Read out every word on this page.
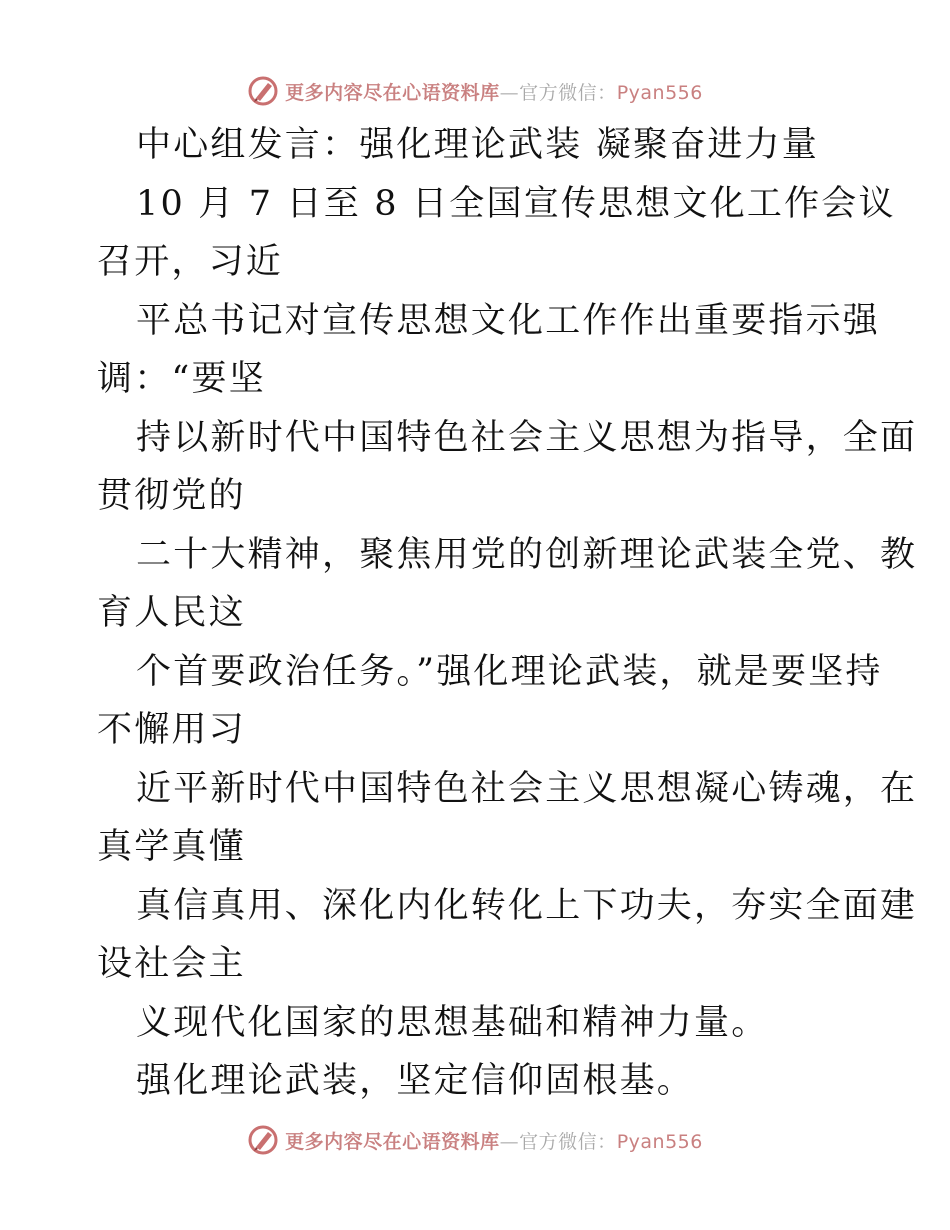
更多内容尽在心语资料库—官方微信：Pyan556
中心组发言：强化理论武装 凝聚奋进力量
10 月 7 日至 8 日全国宣传思想文化工作会议
召开，习近
平总书记对宣传思想文化工作作出重要指示强
调：“要坚
持以新时代中国特色社会主义思想为指导，全面
贯彻党的
二十大精神，聚焦用党的创新理论武装全党、教
育人民这
个首要政治任务。”强化理论武装，就是要坚持
不懈用习
近平新时代中国特色社会主义思想凝心铸魂，在
真学真懂
真信真用、深化内化转化上下功夫，夯实全面建
设社会主
义现代化国家的思想基础和精神力量。
强化理论武装，坚定信仰固根基。
更多内容尽在心语资料库—官方微信：Pyan556
